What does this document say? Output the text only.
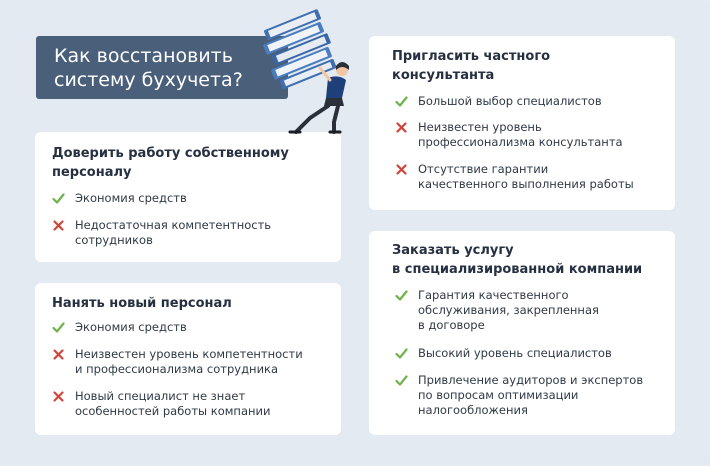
Доверить работу собственному
персоналу
Экономия средств
Недостаточная компетентность
сотрудников
Нанять новый персонал
Экономия средств
Неизвестен уровень компетентности
и профессионализма сотрудника
Новый специалист не знает
особенностей работы компании
Пригласить частного
консультанта
Большой выбор специалистов
Неизвестен уровень
профессионализма консультанта
Отсутствие гарантии
качественного выполнения работы
Заказать услугу
в специализированной компании
Гарантия качественного
обслуживания, закрепленная
в договоре
Высокий уровень специалистов
Привлечение аудиторов и экспертов
по вопросам оптимизации
налогообложения
Как восстановить
систему бухучета?
